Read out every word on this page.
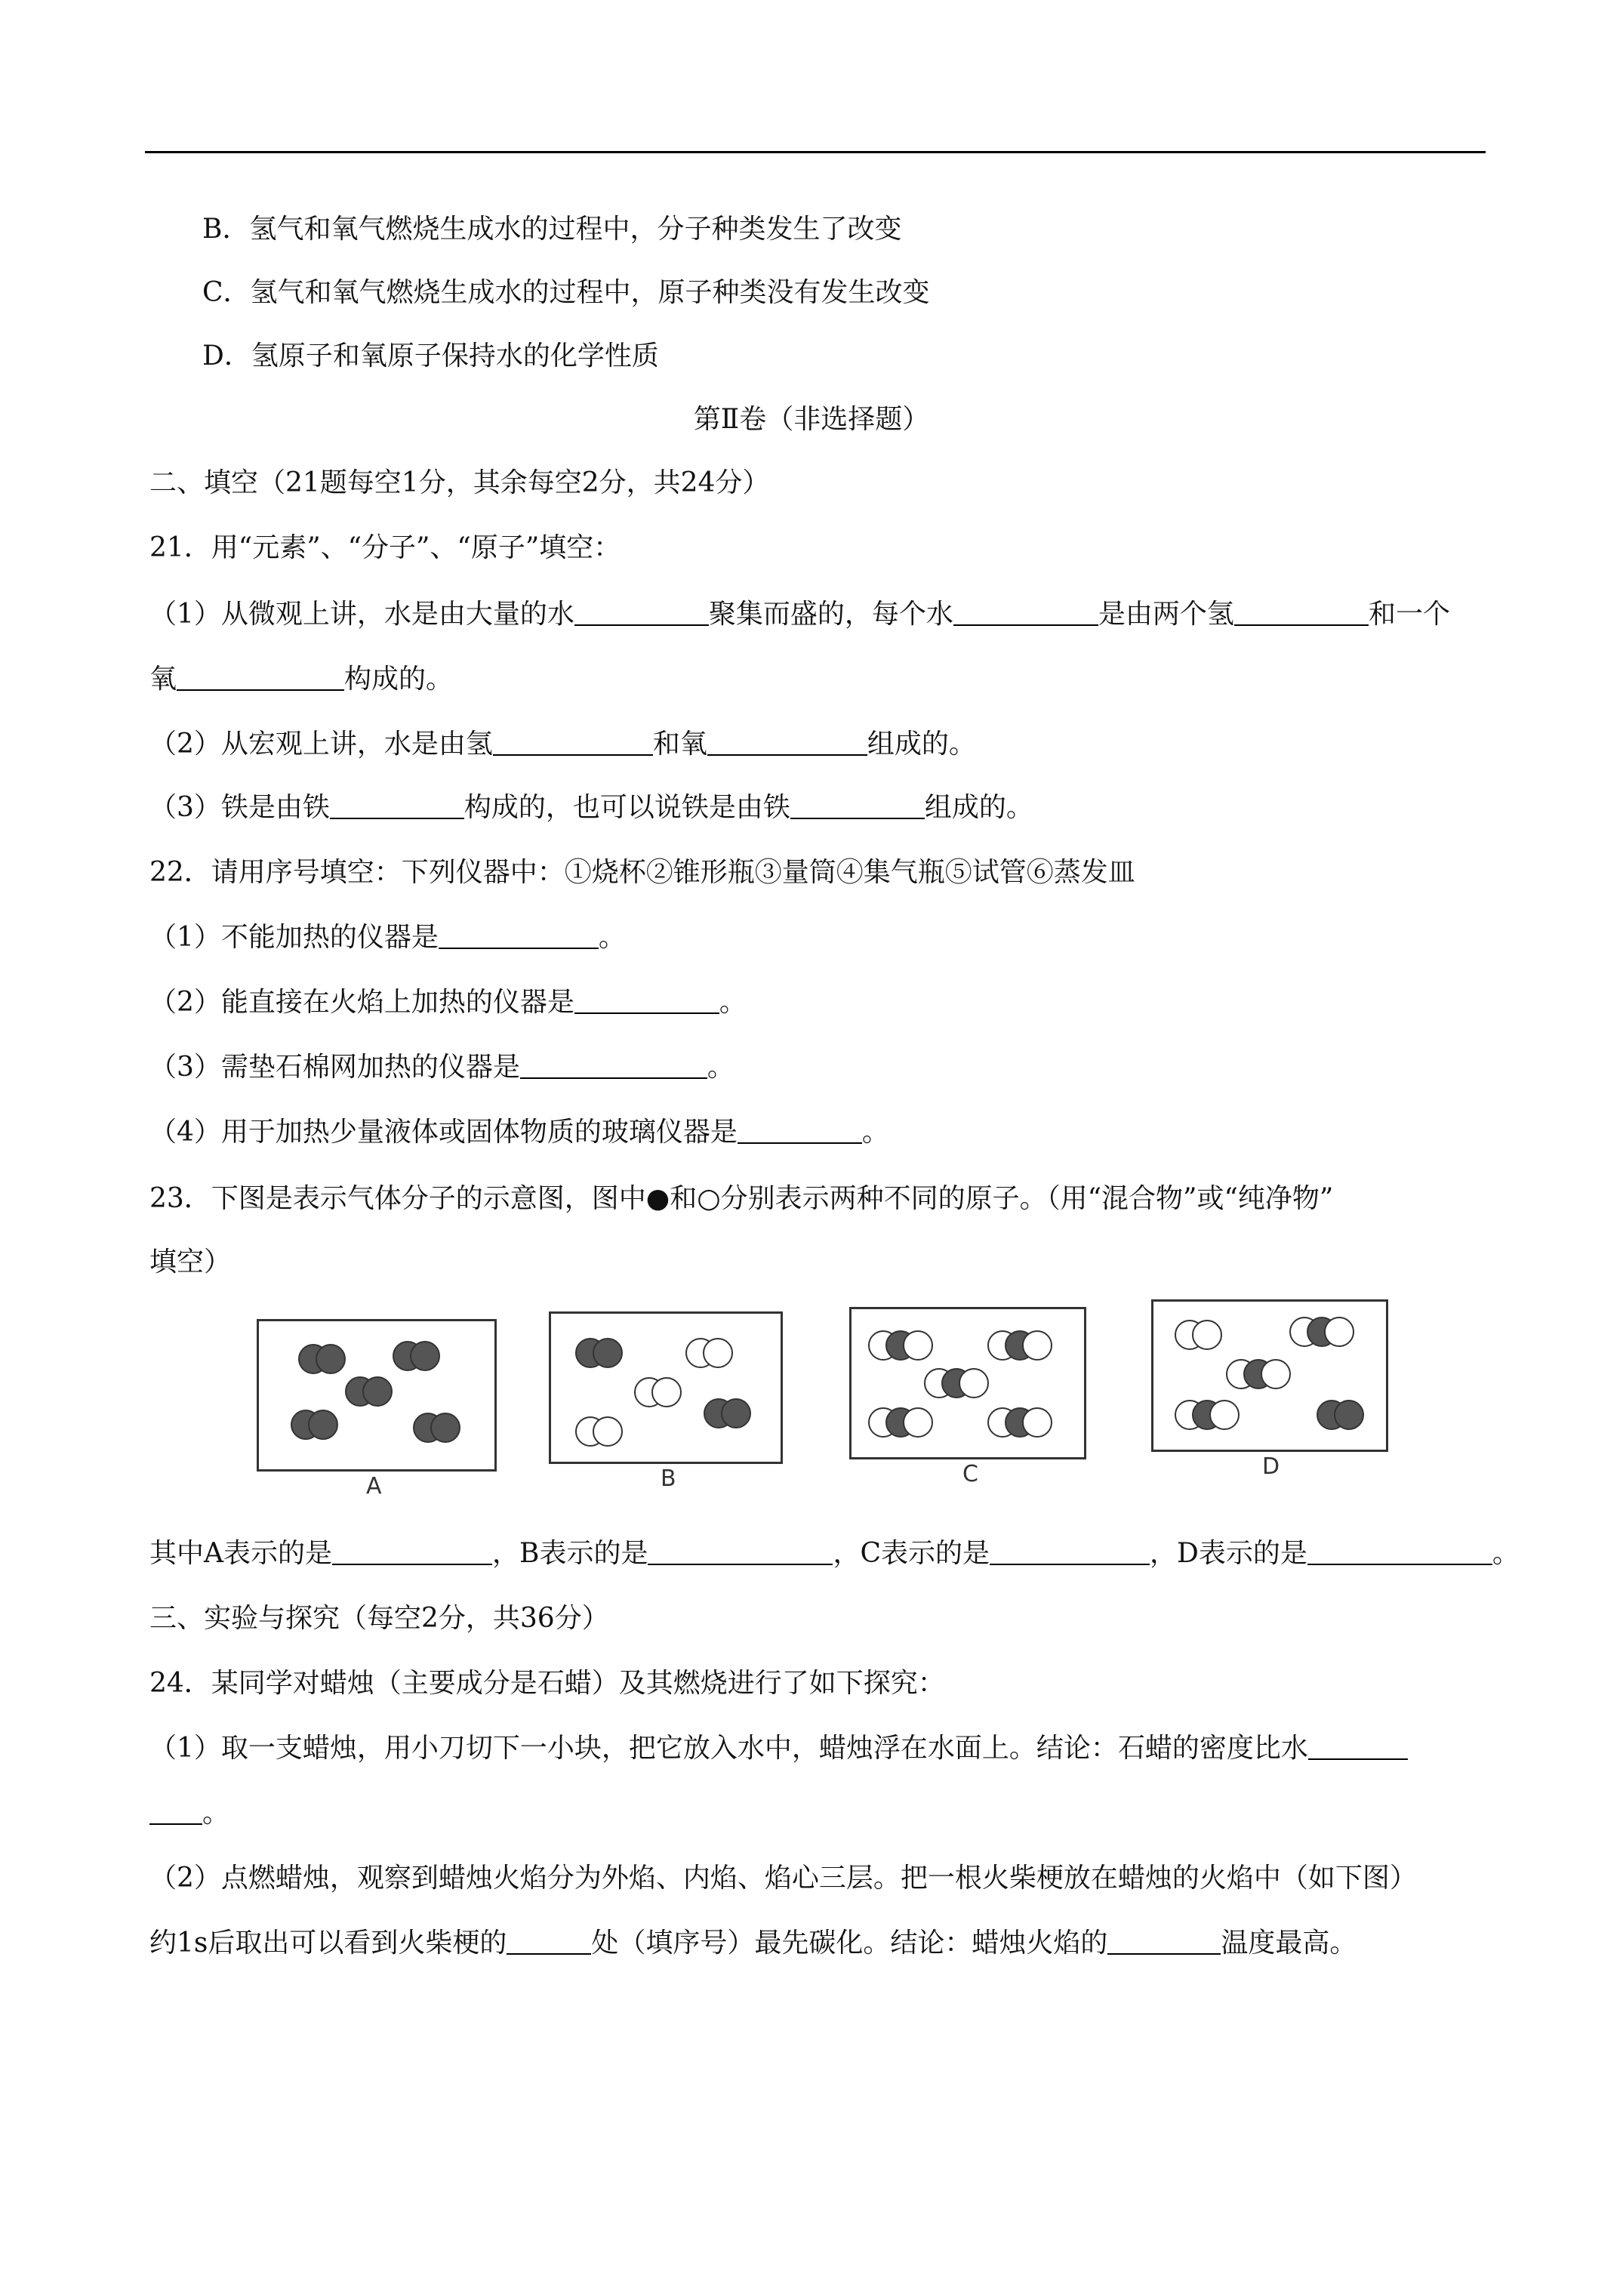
B．氢气和氧气燃烧生成水的过程中，分子种类发生了改变
C．氢气和氧气燃烧生成水的过程中，原子种类没有发生改变
D．氢原子和氧原子保持水的化学性质
第Ⅱ卷（非选择题）
二、填空（21题每空1分，其余每空2分，共24分）
21．用“元素”、“分子”、“原子”填空：
（1）从微观上讲，水是由大量的水	聚集而盛的，每个水	是由两个氢	和一个
氧	构成的。
（2）从宏观上讲，水是由氢	和氧	组成的。
（3）铁是由铁	构成的，也可以说铁是由铁	组成的。
22．请用序号填空：下列仪器中：①烧杯②锥形瓶③量筒④集气瓶⑤试管⑥蒸发皿
（1）不能加热的仪器是	。
（2）能直接在火焰上加热的仪器是	。
（3）需垫石棉网加热的仪器是	。
（4）用于加热少量液体或固体物质的玻璃仪器是	。
23．下图是表示气体分子的示意图，图中●和○分别表示两种不同的原子。（用“混合物”或“纯净物”
填空）
A	B	C	D
其中A表示的是	，B表示的是	，C表示的是	，D表示的是	。
三、实验与探究（每空2分，共36分）
24．某同学对蜡烛（主要成分是石蜡）及其燃烧进行了如下探究：
（1）取一支蜡烛，用小刀切下一小块，把它放入水中，蜡烛浮在水面上。结论：石蜡的密度比水
。
（2）点燃蜡烛，观察到蜡烛火焰分为外焰、内焰、焰心三层。把一根火柴梗放在蜡烛的火焰中（如下图）
约1s后取出可以看到火柴梗的	处（填序号）最先碳化。结论：蜡烛火焰的	温度最高。
